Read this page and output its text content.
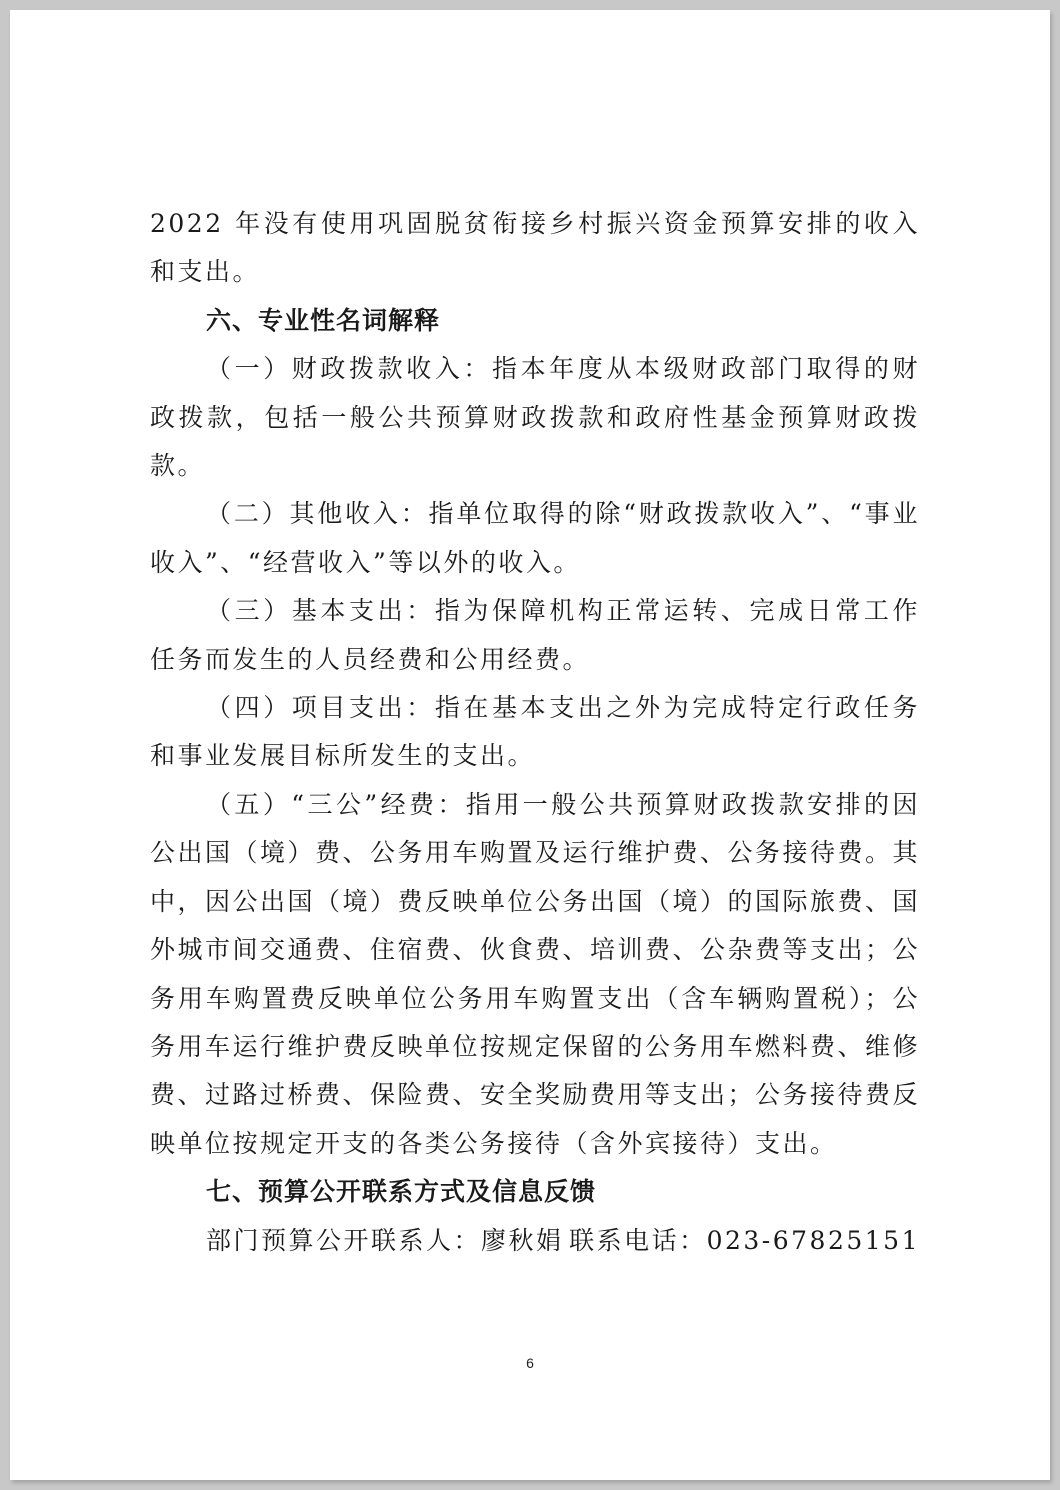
2022 年没有使用巩固脱贫衔接乡村振兴资金预算安排的收入和支出。

六、专业性名词解释

（一）财政拨款收入：指本年度从本级财政部门取得的财政拨款，包括一般公共预算财政拨款和政府性基金预算财政拨款。

（二）其他收入：指单位取得的除“财政拨款收入”、“事业收入”、“经营收入”等以外的收入。

（三）基本支出：指为保障机构正常运转、完成日常工作任务而发生的人员经费和公用经费。

（四）项目支出：指在基本支出之外为完成特定行政任务和事业发展目标所发生的支出。

（五）“三公”经费：指用一般公共预算财政拨款安排的因公出国（境）费、公务用车购置及运行维护费、公务接待费。其中，因公出国（境）费反映单位公务出国（境）的国际旅费、国外城市间交通费、住宿费、伙食费、培训费、公杂费等支出；公务用车购置费反映单位公务用车购置支出（含车辆购置税）；公务用车运行维护费反映单位按规定保留的公务用车燃料费、维修费、过路过桥费、保险费、安全奖励费用等支出；公务接待费反映单位按规定开支的各类公务接待（含外宾接待）支出。

七、预算公开联系方式及信息反馈

部门预算公开联系人：廖秋娟 联系电话：023-67825151
6
